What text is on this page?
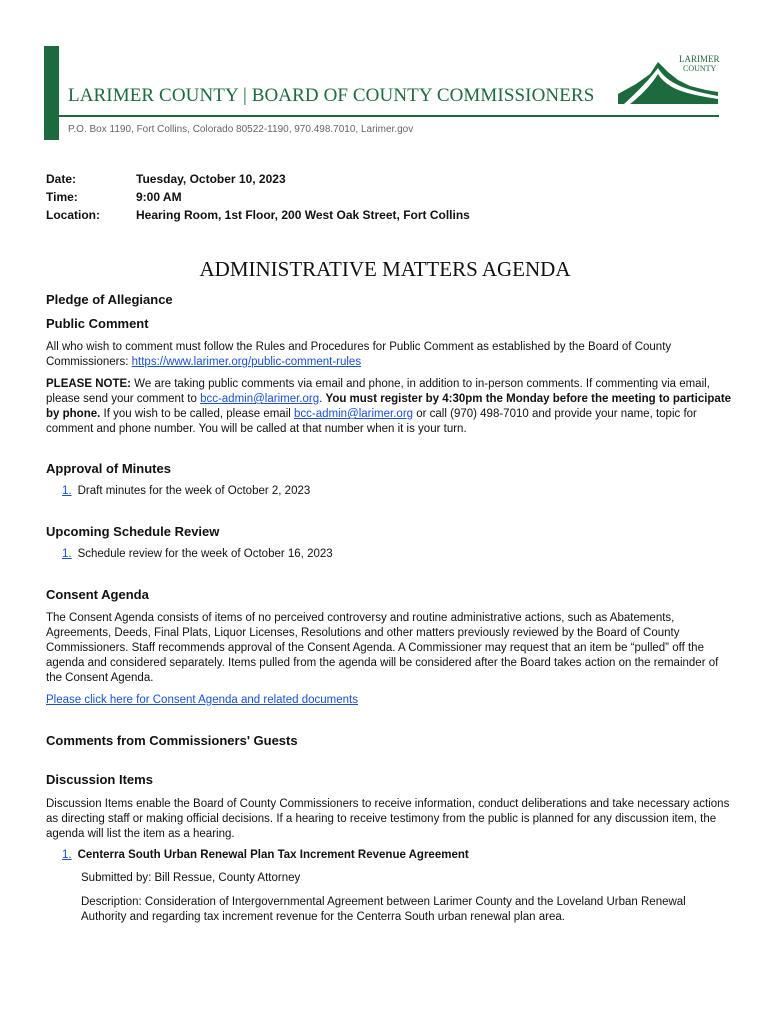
LARIMER COUNTY | BOARD OF COUNTY COMMISSIONERS
P.O. Box 1190, Fort Collins, Colorado 80522-1190, 970.498.7010, Larimer.gov
LARIMER
COUNTY
Date:	Tuesday, October 10, 2023
Time:	9:00 AM
Location:	Hearing Room, 1st Floor, 200 West Oak Street, Fort Collins
ADMINISTRATIVE MATTERS AGENDA
Pledge of Allegiance
Public Comment
All who wish to comment must follow the Rules and Procedures for Public Comment as established by the Board of County Commissioners: https://www.larimer.org/public-comment-rules
PLEASE NOTE: We are taking public comments via email and phone, in addition to in-person comments. If commenting via email, please send your comment to bcc-admin@larimer.org. You must register by 4:30pm the Monday before the meeting to participate by phone. If you wish to be called, please email bcc-admin@larimer.org or call (970) 498-7010 and provide your name, topic for comment and phone number. You will be called at that number when it is your turn.
Approval of Minutes
1. Draft minutes for the week of October 2, 2023
Upcoming Schedule Review
1. Schedule review for the week of October 16, 2023
Consent Agenda
The Consent Agenda consists of items of no perceived controversy and routine administrative actions, such as Abatements, Agreements, Deeds, Final Plats, Liquor Licenses, Resolutions and other matters previously reviewed by the Board of County Commissioners. Staff recommends approval of the Consent Agenda. A Commissioner may request that an item be “pulled” off the agenda and considered separately. Items pulled from the agenda will be considered after the Board takes action on the remainder of the Consent Agenda.
Please click here for Consent Agenda and related documents
Comments from Commissioners' Guests
Discussion Items
Discussion Items enable the Board of County Commissioners to receive information, conduct deliberations and take necessary actions as directing staff or making official decisions. If a hearing to receive testimony from the public is planned for any discussion item, the agenda will list the item as a hearing.
1. Centerra South Urban Renewal Plan Tax Increment Revenue Agreement
Submitted by: Bill Ressue, County Attorney
Description: Consideration of Intergovernmental Agreement between Larimer County and the Loveland Urban Renewal Authority and regarding tax increment revenue for the Centerra South urban renewal plan area.
